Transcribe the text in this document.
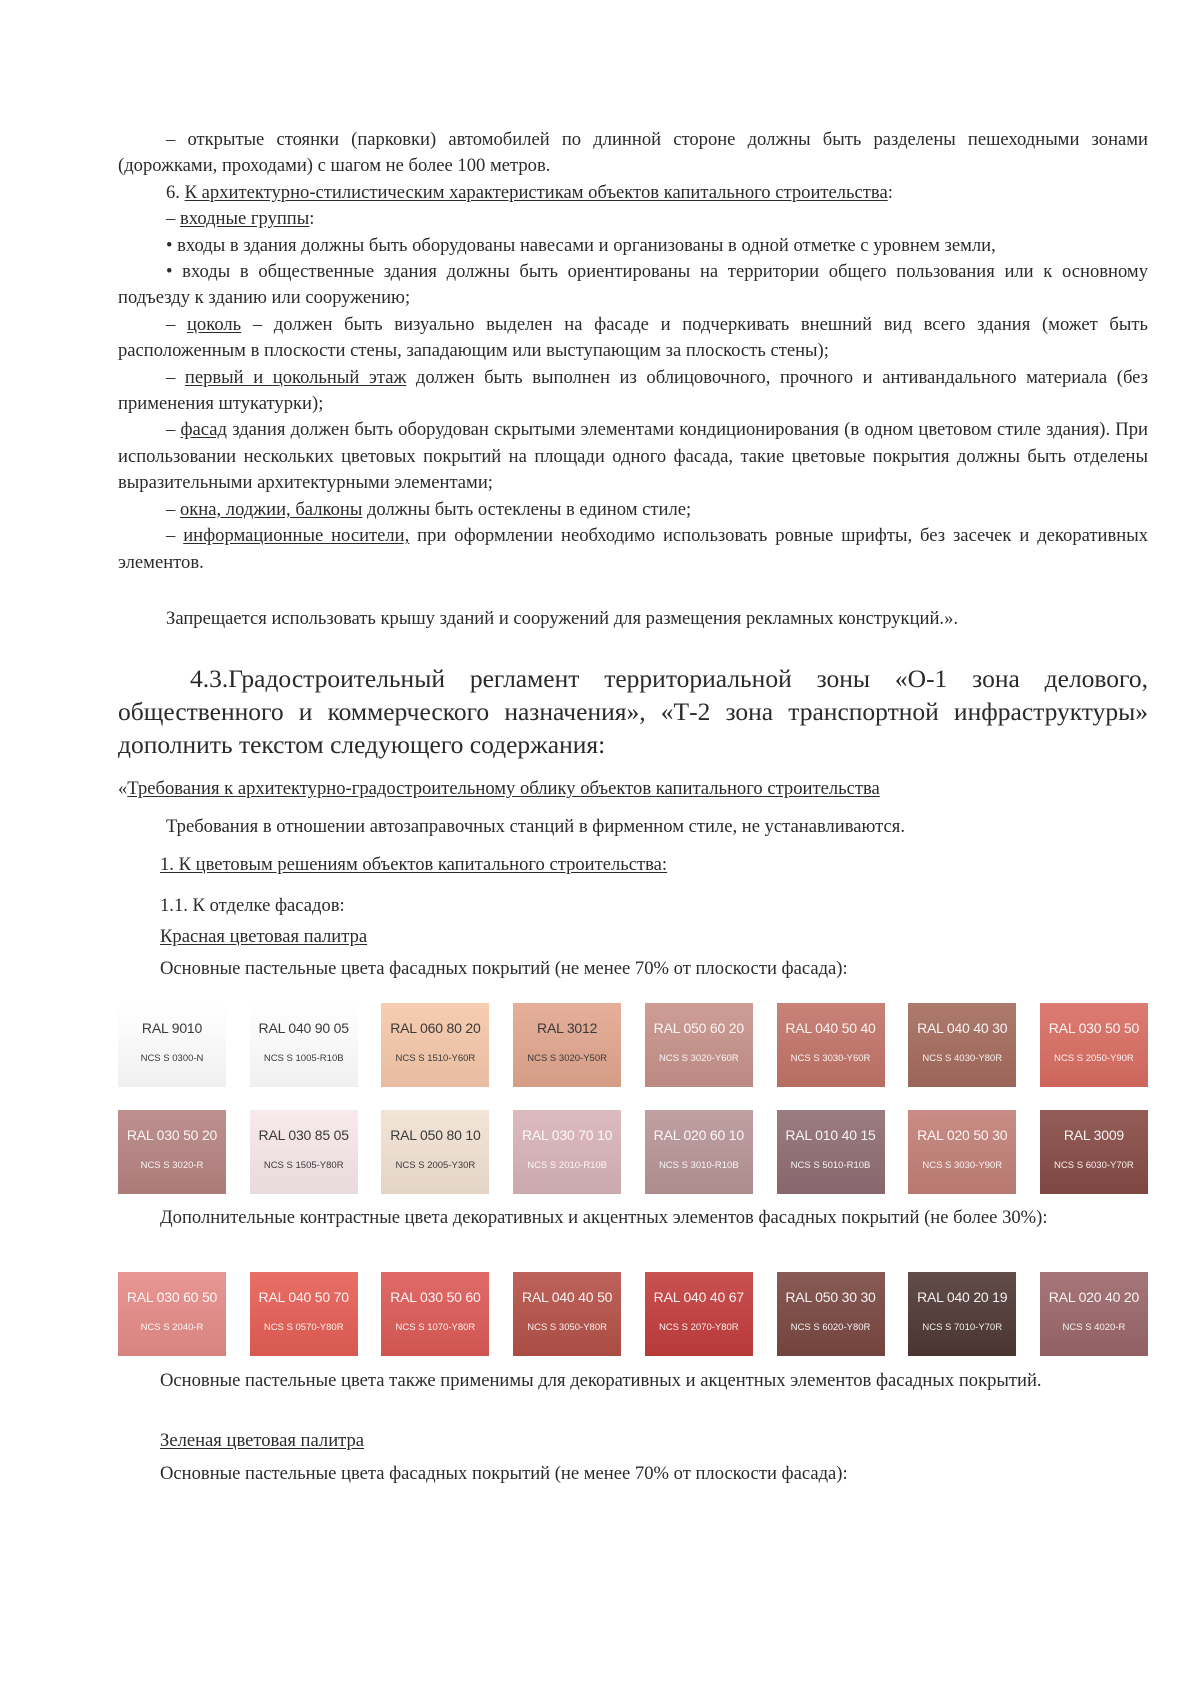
– открытые стоянки (парковки) автомобилей по длинной стороне должны быть разделены пешеходными зонами (дорожками, проходами) с шагом не более 100 метров.

6. К архитектурно-стилистическим характеристикам объектов капитального строительства:

– входные группы:

• входы в здания должны быть оборудованы навесами и организованы в одной отметке с уровнем земли,

• входы в общественные здания должны быть ориентированы на территории общего пользования или к основному подъезду к зданию или сооружению;

– цоколь – должен быть визуально выделен на фасаде и подчеркивать внешний вид всего здания (может быть расположенным в плоскости стены, западающим или выступающим за плоскость стены);

– первый и цокольный этаж должен быть выполнен из облицовочного, прочного и антивандального материала (без применения штукатурки);

– фасад здания должен быть оборудован скрытыми элементами кондиционирования (в одном цветовом стиле здания). При использовании нескольких цветовых покрытий на площади одного фасада, такие цветовые покрытия должны быть отделены выразительными архитектурными элементами;

– окна, лоджии, балконы должны быть остеклены в едином стиле;

– информационные носители, при оформлении необходимо использовать ровные шрифты, без засечек и декоративных элементов.

Запрещается использовать крышу зданий и сооружений для размещения рекламных конструкций.».

4.3.Градостроительный регламент территориальной зоны «О-1 зона делового, общественного и коммерческого назначения», «Т-2 зона транспортной инфраструктуры» дополнить текстом следующего содержания:

«Требования к архитектурно-градостроительному облику объектов капитального строительства

Требования в отношении автозаправочных станций в фирменном стиле, не устанавливаются.

1. К цветовым решениям объектов капитального строительства:

1.1. К отделке фасадов:

Красная цветовая палитра

Основные пастельные цвета фасадных покрытий (не менее 70% от плоскости фасада):

RAL 9010
NCS S 0300-N
RAL 040 90 05
NCS S 1005-R10B
RAL 060 80 20
NCS S 1510-Y60R
RAL 3012
NCS S 3020-Y50R
RAL 050 60 20
NCS S 3020-Y60R
RAL 040 50 40
NCS S 3030-Y60R
RAL 040 40 30
NCS S 4030-Y80R
RAL 030 50 50
NCS S 2050-Y90R
RAL 030 50 20
NCS S 3020-R
RAL 030 85 05
NCS S 1505-Y80R
RAL 050 80 10
NCS S 2005-Y30R
RAL 030 70 10
NCS S 2010-R10B
RAL 020 60 10
NCS S 3010-R10B
RAL 010 40 15
NCS S 5010-R10B
RAL 020 50 30
NCS S 3030-Y90R
RAL 3009
NCS S 6030-Y70R

Дополнительные контрастные цвета декоративных и акцентных элементов фасадных покрытий (не более 30%):

RAL 030 60 50
NCS S 2040-R
RAL 040 50 70
NCS S 0570-Y80R
RAL 030 50 60
NCS S 1070-Y80R
RAL 040 40 50
NCS S 3050-Y80R
RAL 040 40 67
NCS S 2070-Y80R
RAL 050 30 30
NCS S 6020-Y80R
RAL 040 20 19
NCS S 7010-Y70R
RAL 020 40 20
NCS S 4020-R

Основные пастельные цвета также применимы для декоративных и акцентных элементов фасадных покрытий.

Зеленая цветовая палитра

Основные пастельные цвета фасадных покрытий (не менее 70% от плоскости фасада):
